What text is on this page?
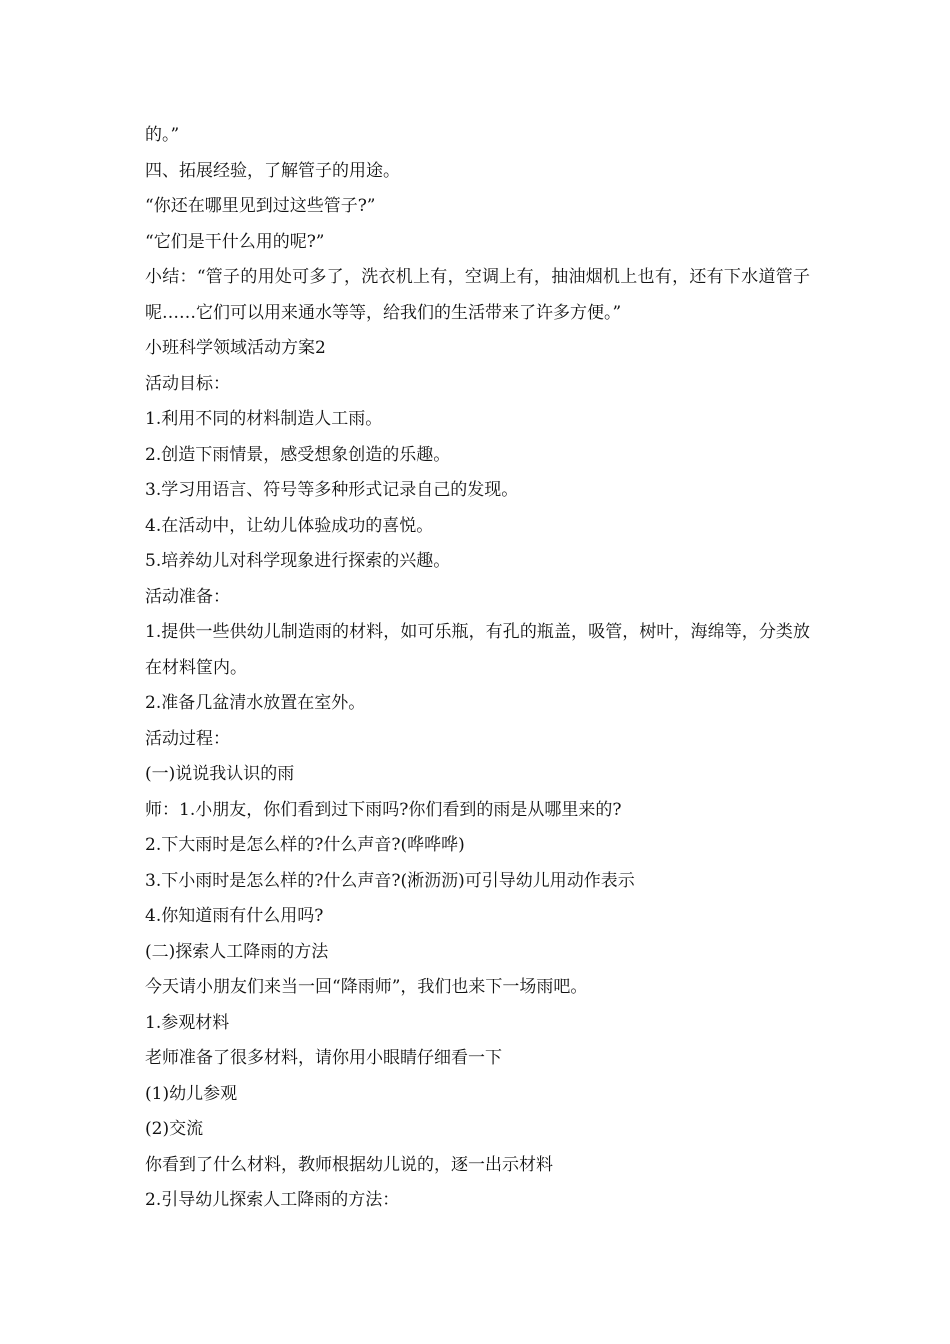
的。”

四、拓展经验，了解管子的用途。

“你还在哪里见到过这些管子?”

“它们是干什么用的呢?”

小结：“管子的用处可多了，洗衣机上有，空调上有，抽油烟机上也有，还有下水道管子呢……它们可以用来通水等等，给我们的生活带来了许多方便。”

小班科学领域活动方案2

活动目标：

1.利用不同的材料制造人工雨。

2.创造下雨情景，感受想象创造的乐趣。

3.学习用语言、符号等多种形式记录自己的发现。

4.在活动中，让幼儿体验成功的喜悦。

5.培养幼儿对科学现象进行探索的兴趣。

活动准备：

1.提供一些供幼儿制造雨的材料，如可乐瓶，有孔的瓶盖，吸管，树叶，海绵等，分类放在材料筐内。

2.准备几盆清水放置在室外。

活动过程：

(一)说说我认识的雨

师：1.小朋友，你们看到过下雨吗?你们看到的雨是从哪里来的?

2.下大雨时是怎么样的?什么声音?(哗哗哗)

3.下小雨时是怎么样的?什么声音?(淅沥沥)可引导幼儿用动作表示

4.你知道雨有什么用吗?

(二)探索人工降雨的方法

今天请小朋友们来当一回“降雨师”，我们也来下一场雨吧。

1.参观材料

老师准备了很多材料，请你用小眼睛仔细看一下

(1)幼儿参观

(2)交流

你看到了什么材料，教师根据幼儿说的，逐一出示材料

2.引导幼儿探索人工降雨的方法：
